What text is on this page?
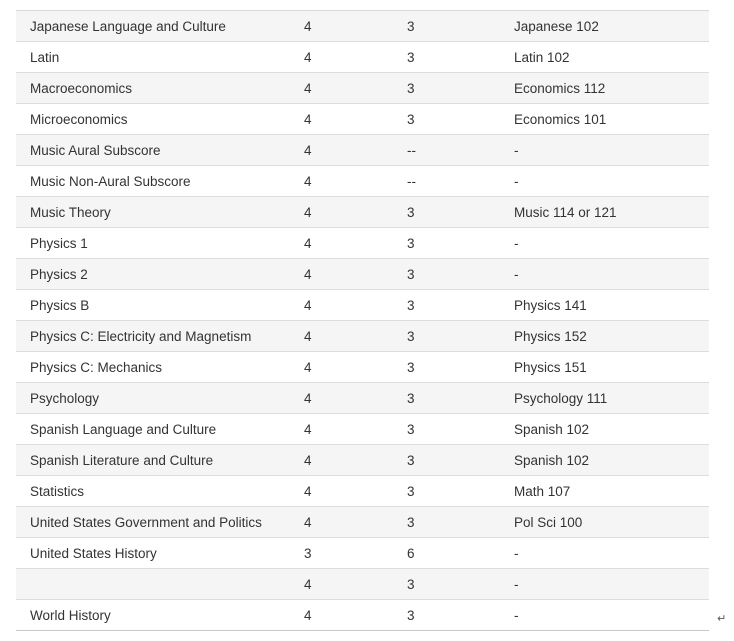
Japanese Language and Culture	4	3	Japanese 102
Latin	4	3	Latin 102
Macroeconomics	4	3	Economics 112
Microeconomics	4	3	Economics 101
Music Aural Subscore	4	--	-
Music Non-Aural Subscore	4	--	-
Music Theory	4	3	Music 114 or 121
Physics 1	4	3	-
Physics 2	4	3	-
Physics B	4	3	Physics 141
Physics C: Electricity and Magnetism	4	3	Physics 152
Physics C: Mechanics	4	3	Physics 151
Psychology	4	3	Psychology 111
Spanish Language and Culture	4	3	Spanish 102
Spanish Literature and Culture	4	3	Spanish 102
Statistics	4	3	Math 107
United States Government and Politics	4	3	Pol Sci 100
United States History	3	6	-
	4	3	-
World History	4	3	-	↵
